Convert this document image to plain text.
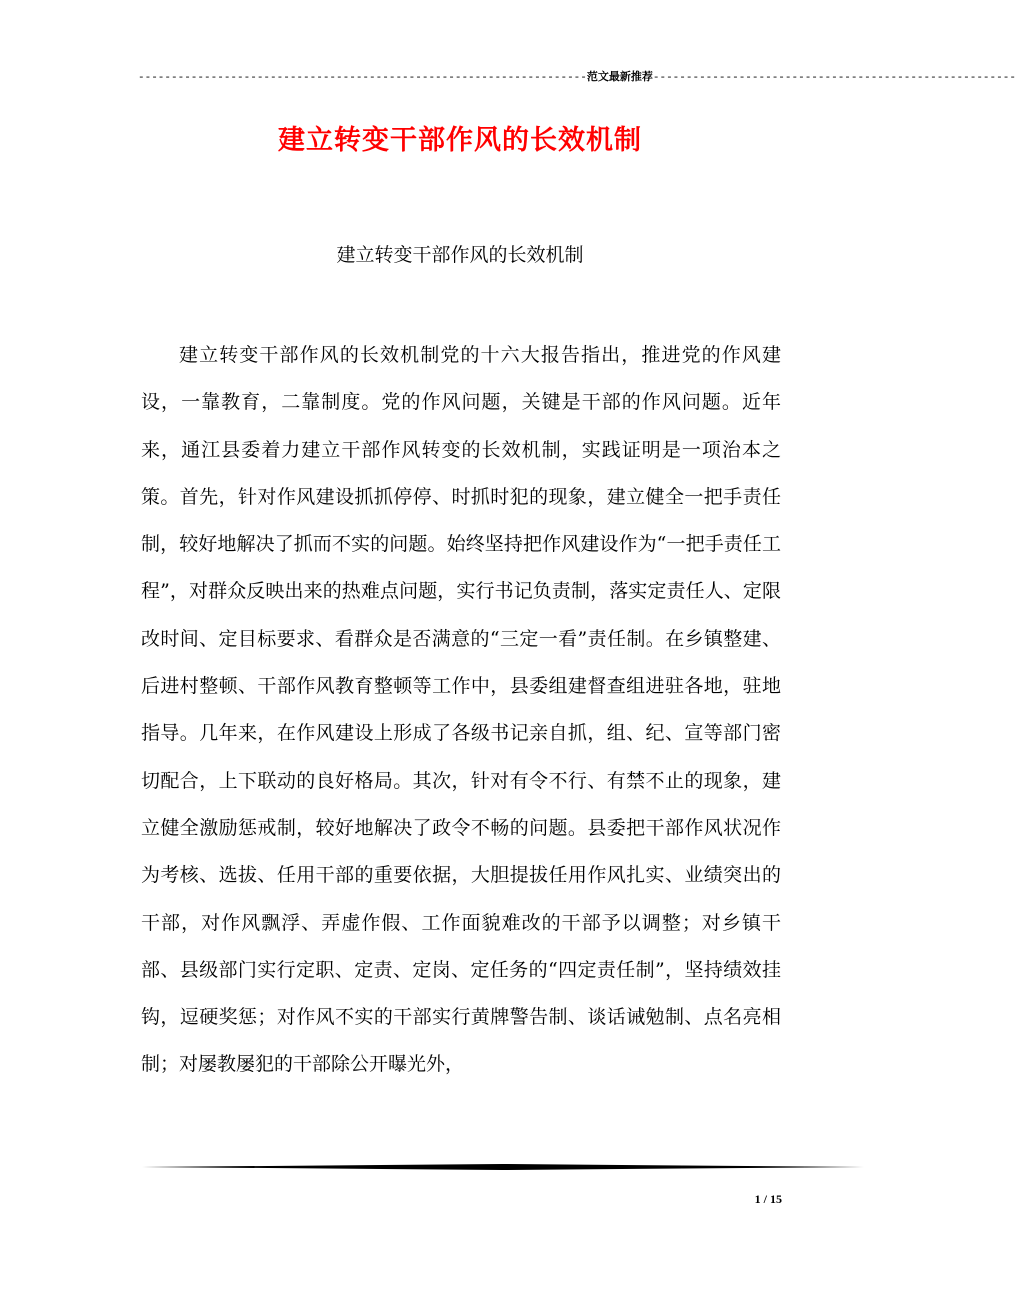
--------------------------------------------------------------------范文最新推荐-------------------------------------------------------
建立转变干部作风的长效机制
建立转变干部作风的长效机制

建立转变干部作风的长效机制党的十六大报告指出，推进党的作风建设，一靠教育，二靠制度。党的作风问题，关键是干部的作风问题。近年来，通江县委着力建立干部作风转变的长效机制，实践证明是一项治本之策。首先，针对作风建设抓抓停停、时抓时犯的现象，建立健全一把手责任制，较好地解决了抓而不实的问题。始终坚持把作风建设作为“一把手责任工程”，对群众反映出来的热难点问题，实行书记负责制，落实定责任人、定限改时间、定目标要求、看群众是否满意的“三定一看”责任制。在乡镇整建、后进村整顿、干部作风教育整顿等工作中，县委组建督查组进驻各地，驻地指导。几年来，在作风建设上形成了各级书记亲自抓，组、纪、宣等部门密切配合，上下联动的良好格局。其次，针对有令不行、有禁不止的现象，建立健全激励惩戒制，较好地解决了政令不畅的问题。县委把干部作风状况作为考核、选拔、任用干部的重要依据，大胆提拔任用作风扎实、业绩突出的干部，对作风飘浮、弄虚作假、工作面貌难改的干部予以调整；对乡镇干部、县级部门实行定职、定责、定岗、定任务的“四定责任制”，坚持绩效挂钩，逗硬奖惩；对作风不实的干部实行黄牌警告制、谈话诫勉制、点名亮相制；对屡教屡犯的干部除公开曝光外，

1 / 15
